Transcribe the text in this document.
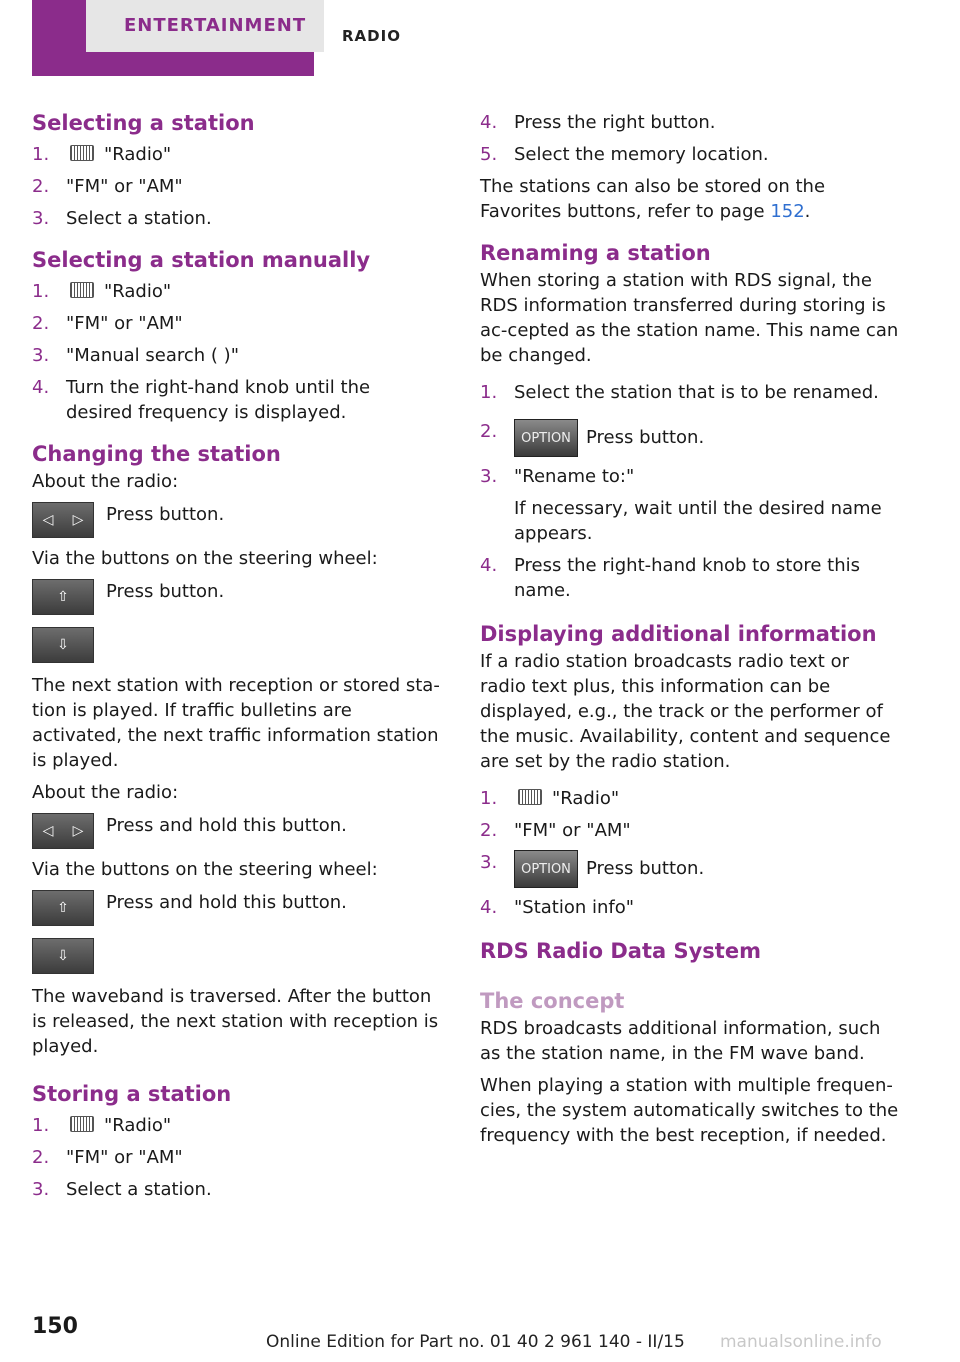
ENTERTAINMENT	RADIO
Selecting a station
1.	"Radio"
2. "FM" or "AM"
3. Select a station.
Selecting a station manually
1.	"Radio"
2. "FM" or "AM"
3. "Manual search ( )"
4. Turn the right-hand knob until the desired frequency is displayed.
Changing the station

About the radio:

◁ ▷ Press button.

Via the buttons on the steering wheel:

⇧
⇩
Press button.

The next station with reception or stored sta-tion is played. If traffic bulletins are activated, the next traffic information station is played.

About the radio:

◁ ▷ Press and hold this button.

Via the buttons on the steering wheel:

⇧
⇩
Press and hold this button.

The waveband is traversed. After the button is released, the next station with reception is played.

Storing a station
1.	"Radio"
2. "FM" or "AM"
3. Select a station.
4. Press the right button.
5. Select the memory location.

The stations can also be stored on the Favorites buttons, refer to page 152.

Renaming a station

When storing a station with RDS signal, the RDS information transferred during storing is ac-cepted as the station name. This name can be changed.

1. Select the station that is to be renamed.
2. OPTION Press button.
3. "Rename to:"

If necessary, wait until the desired name appears.
4. Press the right-hand knob to store this name.
Displaying additional information

If a radio station broadcasts radio text or radio text plus, this information can be displayed, e.g., the track or the performer of the music. Availability, content and sequence are set by the radio station.

1.	"Radio"
2. "FM" or "AM"
3. OPTION Press button.
4. "Station info"
RDS Radio Data System
The concept

RDS broadcasts additional information, such as the station name, in the FM wave band.

When playing a station with multiple frequen-cies, the system automatically switches to the frequency with the best reception, if needed.

150
Online Edition for Part no. 01 40 2 961 140 - II/15 manualsonline.info
